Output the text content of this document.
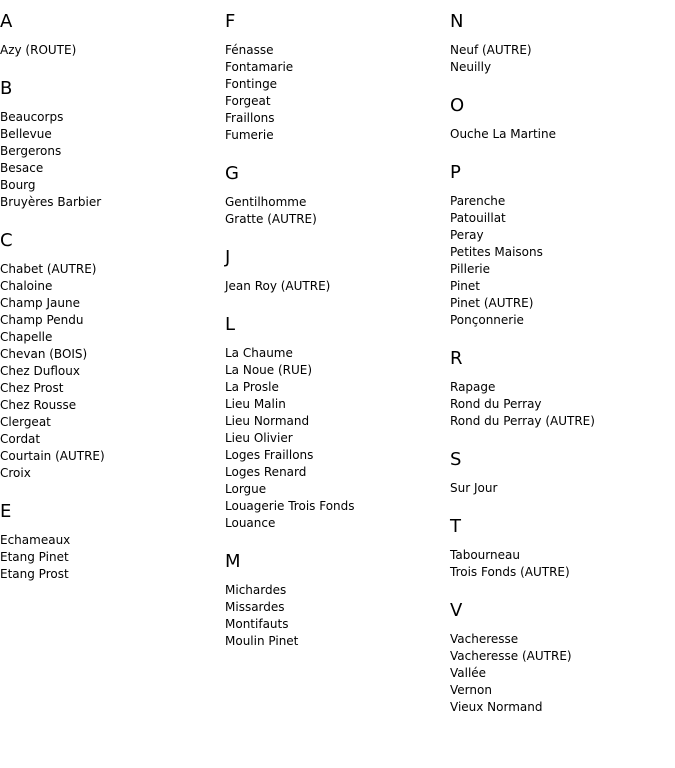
A
Azy (ROUTE)
B
Beaucorps
Bellevue
Bergerons
Besace
Bourg
Bruyères Barbier
C
Chabet (AUTRE)
Chaloine
Champ Jaune
Champ Pendu
Chapelle
Chevan (BOIS)
Chez Dufloux
Chez Prost
Chez Rousse
Clergeat
Cordat
Courtain (AUTRE)
Croix
E
Echameaux
Etang Pinet
Etang Prost
F
Fénasse
Fontamarie
Fontinge
Forgeat
Fraillons
Fumerie
G
Gentilhomme
Gratte (AUTRE)
J
Jean Roy (AUTRE)
L
La Chaume
La Noue (RUE)
La Prosle
Lieu Malin
Lieu Normand
Lieu Olivier
Loges Fraillons
Loges Renard
Lorgue
Louagerie Trois Fonds
Louance
M
Michardes
Missardes
Montifauts
Moulin Pinet
N
Neuf (AUTRE)
Neuilly
O
Ouche La Martine
P
Parenche
Patouillat
Peray
Petites Maisons
Pillerie
Pinet
Pinet (AUTRE)
Ponçonnerie
R
Rapage
Rond du Perray
Rond du Perray (AUTRE)
S
Sur Jour
T
Tabourneau
Trois Fonds (AUTRE)
V
Vacheresse
Vacheresse (AUTRE)
Vallée
Vernon
Vieux Normand
